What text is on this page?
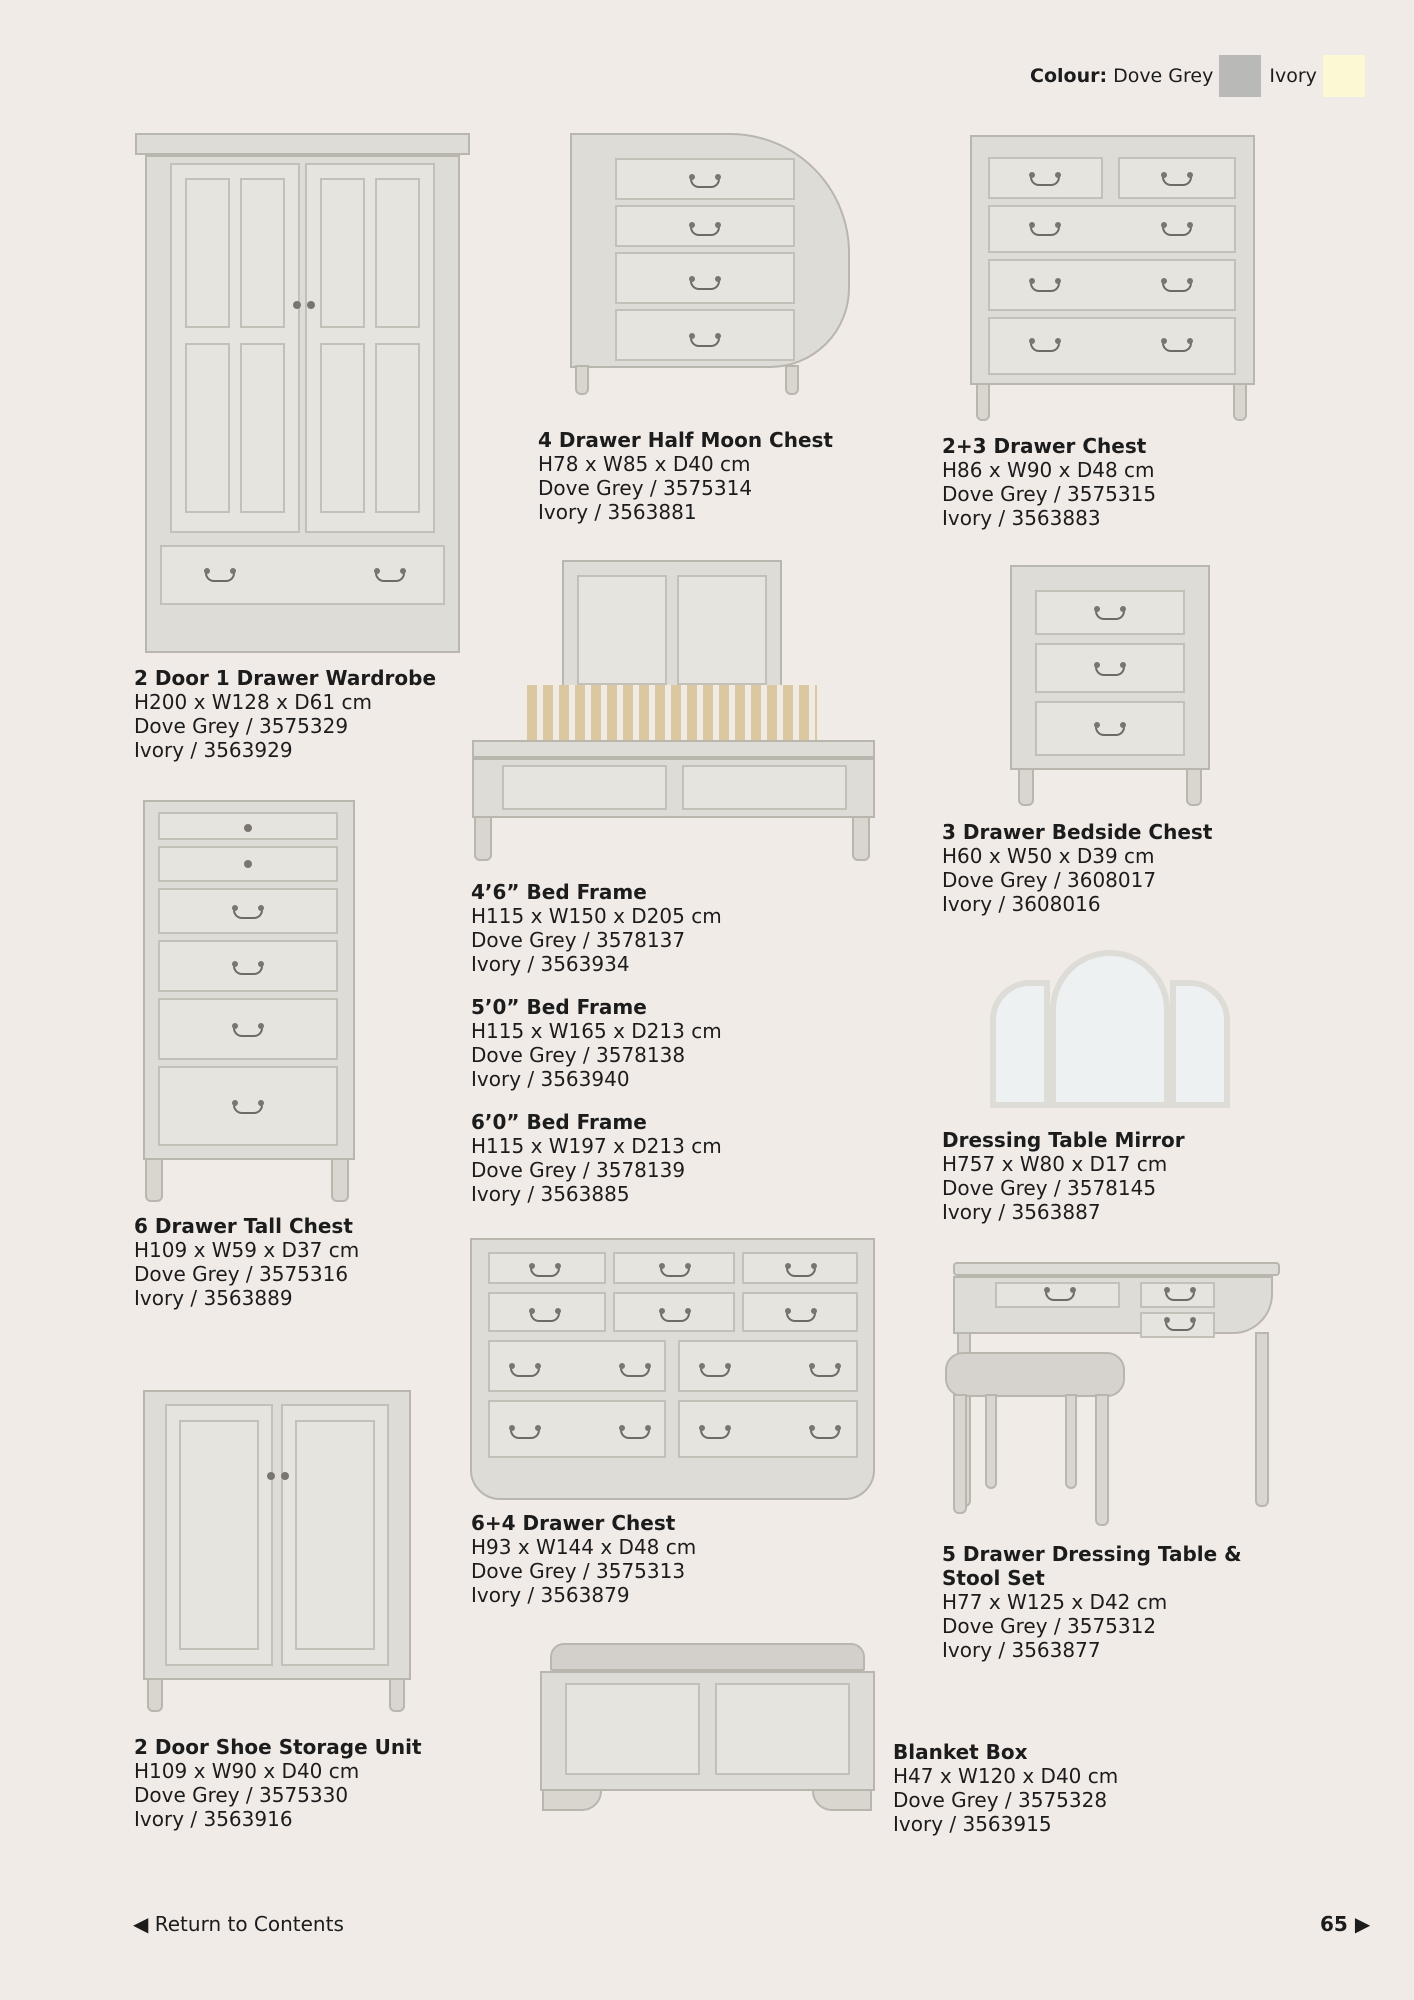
Colour: Dove Grey	Ivory
2 Door 1 Drawer Wardrobe
H200 x W128 x D61 cm
Dove Grey / 3575329
Ivory / 3563929
4 Drawer Half Moon Chest
H78 x W85 x D40 cm
Dove Grey / 3575314
Ivory / 3563881
2+3 Drawer Chest
H86 x W90 x D48 cm
Dove Grey / 3575315
Ivory / 3563883
3 Drawer Bedside Chest
H60 x W50 x D39 cm
Dove Grey / 3608017
Ivory / 3608016
4’6” Bed Frame
H115 x W150 x D205 cm
Dove Grey / 3578137
Ivory / 3563934
5’0” Bed Frame
H115 x W165 x D213 cm
Dove Grey / 3578138
Ivory / 3563940
6’0” Bed Frame
H115 x W197 x D213 cm
Dove Grey / 3578139
Ivory / 3563885
6 Drawer Tall Chest
H109 x W59 x D37 cm
Dove Grey / 3575316
Ivory / 3563889
Dressing Table Mirror
H757 x W80 x D17 cm
Dove Grey / 3578145
Ivory / 3563887
6+4 Drawer Chest
H93 x W144 x D48 cm
Dove Grey / 3575313
Ivory / 3563879
5 Drawer Dressing Table &
Stool Set
H77 x W125 x D42 cm
Dove Grey / 3575312
Ivory / 3563877
2 Door Shoe Storage Unit
H109 x W90 x D40 cm
Dove Grey / 3575330
Ivory / 3563916
Blanket Box
H47 x W120 x D40 cm
Dove Grey / 3575328
Ivory / 3563915
◀ Return to Contents	65 ▶
